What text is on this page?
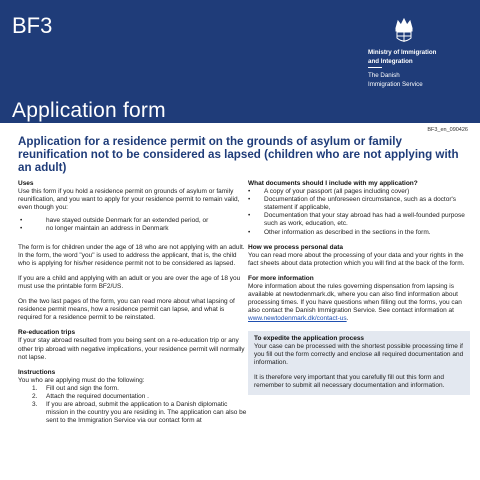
BF3
Ministry of Immigration
and Integration
The Danish
Immigration Service
Application form
BF3_en_090426
Application for a residence permit on the grounds of asylum or family reunification not to be considered as lapsed (children who are not applying with an adult)
Uses
Use this form if you hold a residence permit on grounds of asylum or family reunification, and you want to apply for your residence permit to remain valid, even though you:
•	have stayed outside Denmark for an extended period, or
•	no longer maintain an address in Denmark
The form is for children under the age of 18 who are not applying with an adult. In the form, the word "you" is used to address the applicant, that is, the child who is applying for his/her residence permit not to be considered as lapsed.
If you are a child and applying with an adult or you are over the age of 18 you must use the printable form BF2/US.
On the two last pages of the form, you can read more about what lapsing of residence permit means, how a residence permit can lapse, and what is required for a residence permit to be reinstated.
Re-education trips
If your stay abroad resulted from you being sent on a re-education trip or any other trip abroad with negative implications, your residence permit will normally not lapse.
Instructions
You who are applying must do the following:
1. Fill out and sign the form.
2. Attach the required documentation .
3. If you are abroad, submit the application to a Danish diplomatic mission in the country you are residing in. The application can also be sent to the Immigration Service via our contact form at
What documents should I include with my application?
• A copy of your passport (all pages including cover)
• Documentation of the unforeseen circumstance, such as a doctor's statement if applicable,
• Documentation that your stay abroad has had a well-founded purpose such as work, education, etc.
• Other information as described in the sections in the form.
How we process personal data
You can read more about the processing of your data and your rights in the fact sheets about data protection which you will find at the back of the form.
For more information
More information about the rules governing dispensation from lapsing is available at newtodenmark.dk, where you can also find information about processing times. If you have questions when filling out the forms, you can also contact the Danish Immigration Service. See contact information at www.newtodenmark.dk/contact-us.
To expedite the application process
Your case can be processed with the shortest possible processing time if you fill out the form correctly and enclose all required documentation and information.
It is therefore very important that you carefully fill out this form and remember to submit all necessary documentation and information.
